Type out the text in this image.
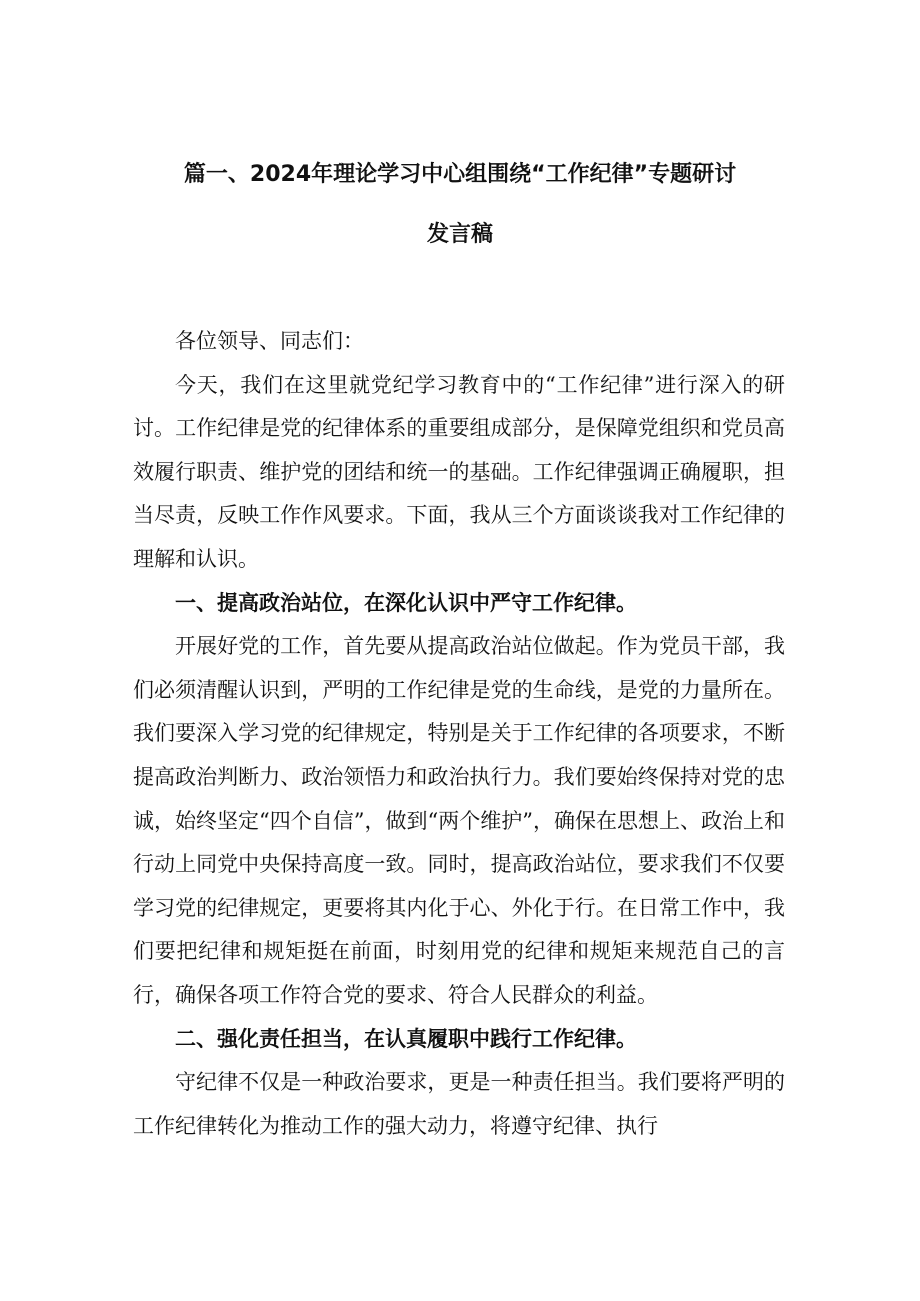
篇一、2024年理论学习中心组围绕“工作纪律”专题研讨
发言稿

各位领导、同志们：

今天，我们在这里就党纪学习教育中的“工作纪律”进行深入的研讨。工作纪律是党的纪律体系的重要组成部分，是保障党组织和党员高效履行职责、维护党的团结和统一的基础。工作纪律强调正确履职，担当尽责，反映工作作风要求。下面，我从三个方面谈谈我对工作纪律的理解和认识。

一、提高政治站位，在深化认识中严守工作纪律。

开展好党的工作，首先要从提高政治站位做起。作为党员干部，我们必须清醒认识到，严明的工作纪律是党的生命线，是党的力量所在。我们要深入学习党的纪律规定，特别是关于工作纪律的各项要求，不断提高政治判断力、政治领悟力和政治执行力。我们要始终保持对党的忠诚，始终坚定“四个自信”，做到“两个维护”，确保在思想上、政治上和行动上同党中央保持高度一致。同时，提高政治站位，要求我们不仅要学习党的纪律规定，更要将其内化于心、外化于行。在日常工作中，我们要把纪律和规矩挺在前面，时刻用党的纪律和规矩来规范自己的言行，确保各项工作符合党的要求、符合人民群众的利益。

二、强化责任担当，在认真履职中践行工作纪律。

守纪律不仅是一种政治要求，更是一种责任担当。我们要将严明的工作纪律转化为推动工作的强大动力，将遵守纪律、执行
